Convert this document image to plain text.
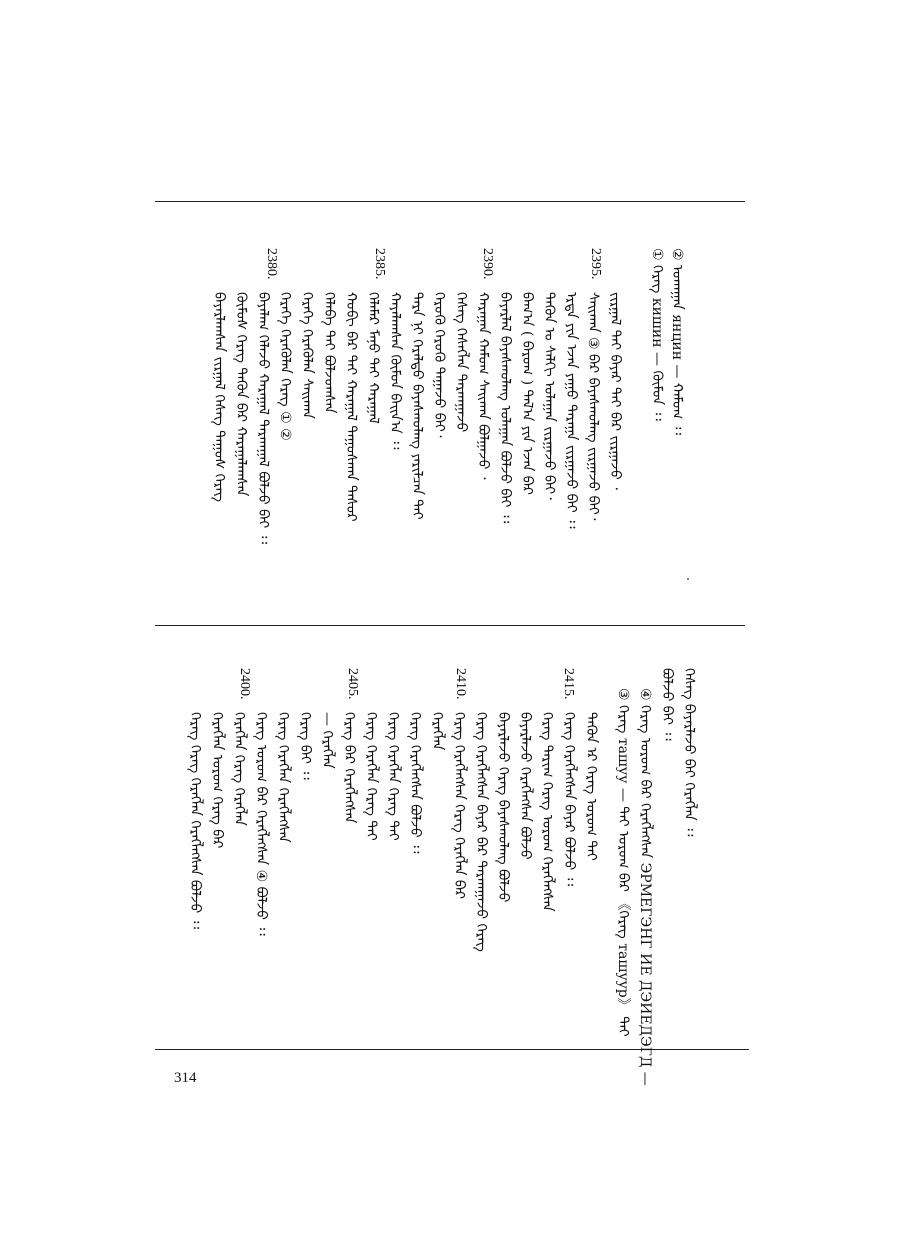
② ᠤᠬᠠᠭᠠᠨ янцин — ᠬᠠᠮᠤᠭ ᠄᠄
① ᠬᠡᠷᠡᠭ кишин — ᠬᠦᠮᠦᠨ ᠄᠄
2395.
2390.
2385.
2380.
ᠵᠢᠷᠭᠠᠯ ᠲᠠᠢ ᠪᠠᠶᠠᠷ ᠲᠠᠢ ᠪᠡᠷ ᠵᠢᠷᠭᠠᠵᠤ ᠂
ᠰᠠᠢᠬᠠᠨ ③ ᠪᠠᠷ ᠪᠠᠶᠠᠰᠬᠤᠯᠠᠩ ᠵᠢᠷᠭᠠᠵᠤ ᠪᠠᠢ᠂
ᠡᠷᠳᠡ ᠶᠢᠨ ᠡᠵᠡᠨ ᠶᠠᠭᠤ ᠲᠠᠷᠠᠭᠠ ᠵᠢᠷᠭᠠᠵᠤ ᠪᠠᠢ ᠄᠄
ᠲᠡᠭᠦᠨ ᠤ ᠰᠠᠯᠬᠢ ᠤᠯᠠᠭᠠᠨ ᠵᠢᠷᠭᠠᠵᠤ ᠪᠠᠢ᠂
ᠪᠠᠭ᠎ᠠ ( ᠪᠠᠷᠤᠭ ) ᠲᠠᠯ᠎ᠠ ᠶᠢᠨ ᠡᠵᠡᠨ ᠪᠠᠷ
ᠪᠠᠶᠠᠷᠯᠠᠯ ᠪᠠᠶᠠᠰᠬᠤᠯᠠᠩ ᠤᠯᠠᠭᠠᠨ ᠪᠣᠯᠵᠤ ᠪᠠᠢ ᠄᠄
ᠬᠠᠷᠠᠭᠠᠨ ᠬᠠᠮᠤᠭ ᠰᠠᠢᠬᠠᠨ ᠪᠣᠯᠭᠠᠵᠤ ᠂
ᠬᠡᠰᠡᠭ ᠬᠡᠰᠡᠭᠯᠡᠨ ᠲᠠᠷᠬᠠᠭᠠᠵᠤ
ᠬᠡᠷᠦᠭᠦ ᠬᠡᠷᠦᠭᠦ ᠳᠠᠭᠠᠵᠤ ᠪᠠᠢ᠂
ᠲᠡᠷᠡ ᠨᠢ ᠭᠡᠷᠡᠯᠲᠦ ᠪᠠᠶᠠᠰᠬᠤᠯᠠᠩ ᠶᠠᠷᠢᠯᠴᠠᠨ ᠲᠠᠢ
ᠬᠠᠶᠠᠯᠠᠭᠰᠠᠨ ᠬᠦᠮᠦᠨ ᠪᠠᠢᠨ᠎ᠠ ᠄᠄
ᠬᠡᠯᠡᠮᠡᠷ ᠮᠠᠨᠤ ᠲᠠᠢ ᠬᠠᠷᠠᠭᠠᠯ
ᠬᠤᠪᠢ ᠪᠠᠷ ᠲᠠᠢ ᠬᠠᠷᠠᠭᠠᠯ ᠳᠠᠭᠤᠰᠬᠠᠨ ᠲᠠᠰᠤᠷ
ᠬᠡᠯᠡᠪᠡ ᠲᠠᠢ ᠪᠣᠯᠵᠤᠭᠰᠠᠨ
ᠬᠡᠷᠡᠭᠡ ᠬᠡᠷᠡᠭᠦᠯᠡᠨ ᠰᠠᠢᠬᠠᠨ
ᠬᠡᠷᠡᠭᠡ ᠬᠡᠷᠡᠭᠦᠯᠡᠨ ᠬᠡᠷᠡᠭ ① ②
ᠪᠠᠶᠠᠯᠠᠭ ᠬᠡᠯᠡᠵᠤ ᠬᠠᠷᠠᠭᠠᠯ ᠲᠠᠷᠬᠠᠭᠠᠯ ᠪᠣᠯᠵᠤ ᠪᠠᠢ ᠄᠄
ᠬᠦᠮᠦᠰ ᠬᠡᠷᠡᠭ ᠲᠡᠭᠦᠨ ᠪᠠᠷ ᠬᠠᠷᠠᠭᠠᠯᠠᠭᠰᠠᠨ
ᠪᠠᠶᠠᠷᠯᠠᠭᠰᠠᠨ ᠵᠢᠷᠭᠠᠯ ᠬᠡᠰᠡᠭ ᠳᠠᠭᠤᠰ ᠬᠡᠷᠡᠭ
ᠬᠡᠰᠡᠭ ᠪᠠᠶᠠᠷᠯᠠᠵᠤ ᠪᠠᠢ ᠬᠡᠷᠡᠭᠯᠡᠨ ᠄᠄
ᠪᠣᠯᠵᠤ ᠪᠠᠢ ᠄᠄
④ ᠬᠡᠷᠡᠭ ᠤᠷᠤᠭ ᠪᠠᠷ ᠬᠡᠷᠡᠭᠯᠡᠭᠰᠡᠨ ЭРМЕГЭНГ ИЕ ДЭИЕДЭГД —
③ ᠬᠡᠷᠡᠭ ташуу — ᠲᠠᠢ ᠤᠷᠤᠭ ᠪᠠᠷ 《ᠬᠡᠷᠡᠭ ташуур》 ᠲᠠᠢ
2415.
2410.
2405.
2400.
ᠲᠡᠭᠦᠨ ᠡᠷ ᠬᠡᠷᠡᠭ ᠤᠷᠤᠭ ᠲᠠᠢ
ᠬᠡᠷᠡᠭ ᠬᠡᠷᠡᠭᠯᠡᠭᠰᠡᠨ ᠪᠠᠶᠠᠷ ᠪᠣᠯᠵᠤ ᠄᠄
ᠬᠡᠷᠡᠭ ᠲᠠᠷᠢᠭ ᠬᠡᠷᠡᠭ ᠤᠷᠤᠭ ᠬᠡᠷᠡᠭᠯᠡᠭᠰᠡᠨ
ᠪᠠᠶᠠᠷᠯᠠᠵᠤ ᠬᠡᠷᠡᠭᠯᠡᠭᠰᠡᠨ ᠪᠣᠯᠵᠤ
ᠪᠠᠶᠠᠷᠯᠠᠵᠤ ᠬᠡᠷᠡᠭ ᠪᠠᠶᠠᠰᠬᠤᠯᠠᠩ ᠪᠣᠯᠵᠤ
ᠬᠡᠷᠡᠭ ᠬᠡᠷᠡᠭᠯᠡᠭᠰᠡᠨ ᠪᠠᠶᠠᠷ ᠪᠠᠷ ᠲᠠᠷᠬᠠᠭᠠᠵᠤ ᠬᠡᠷᠡᠭ
ᠬᠡᠷᠡᠭ ᠬᠡᠷᠡᠭᠯᠡᠭᠰᠡᠨ ᠬᠡᠷᠡᠭ ᠬᠡᠷᠡᠭᠯᠡᠨ ᠪᠠᠷ
ᠬᠡᠷᠡᠭᠯᠡᠨ
ᠬᠡᠷᠡᠭ ᠬᠡᠷᠡᠭᠯᠡᠭᠰᠡᠨ ᠪᠣᠯᠵᠤ ᠄᠄
ᠬᠡᠷᠡᠭ ᠬᠡᠷᠡᠭᠯᠡᠨ ᠬᠡᠷᠡᠭ ᠲᠠᠢ
ᠬᠡᠷᠡᠭ ᠬᠡᠷᠡᠭᠯᠡᠨ ᠬᠡᠷᠡᠭ ᠲᠠᠢ
ᠬᠡᠷᠡᠭ ᠪᠠᠷ ᠬᠡᠷᠡᠭᠯᠡᠭᠰᠡᠨ
— ᠬᠡᠷᠡᠭᠯᠡᠨ
ᠬᠡᠷᠡᠭ ᠪᠠᠢ ᠄᠄
ᠬᠡᠷᠡᠭ ᠬᠡᠷᠡᠭᠯᠡᠨ ᠬᠡᠷᠡᠭᠯᠡᠭᠰᠡᠨ
ᠬᠡᠷᠡᠭ ᠤᠷᠤᠭ ᠪᠠᠷ ᠬᠡᠷᠡᠭᠯᠡᠭᠰᠡᠨ ④ ᠪᠣᠯᠵᠤ ᠄᠄
ᠬᠡᠷᠡᠭᠯᠡᠨ ᠬᠡᠷᠡᠭ ᠬᠡᠷᠡᠭᠯᠡᠨ
ᠬᠡᠷᠡᠭᠯᠡᠨ ᠤᠷᠤᠭ ᠬᠡᠷᠡᠭ ᠪᠠᠷ
ᠬᠡᠷᠡᠭ ᠬᠡᠷᠡᠭ ᠬᠡᠷᠡᠭᠯᠡᠨ ᠬᠡᠷᠡᠭᠯᠡᠭᠰᠡᠨ ᠪᠣᠯᠵᠤ ᠄᠄
314
